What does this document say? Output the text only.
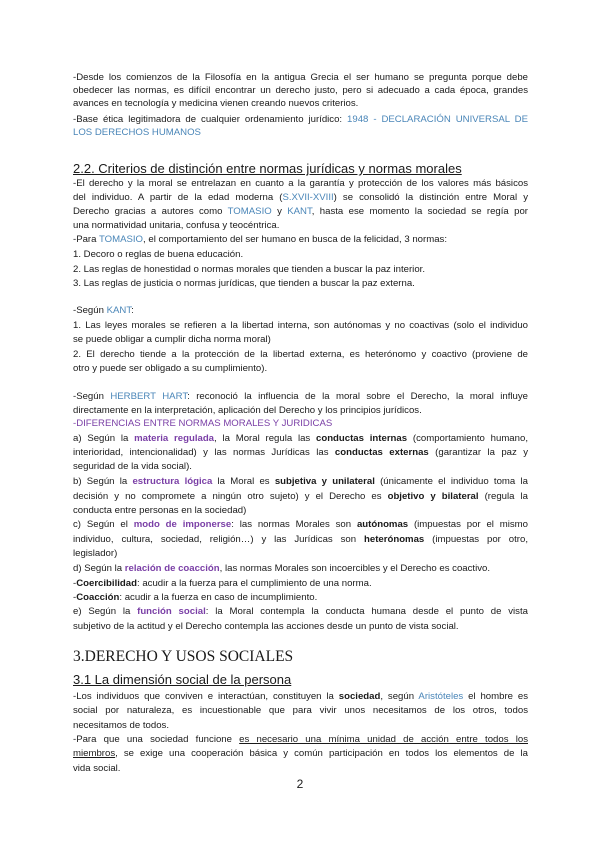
-Desde los comienzos de la Filosofía en la antigua Grecia el ser humano se pregunta porque debe
obedecer las normas, es difícil encontrar un derecho justo, pero si adecuado a cada época, grandes
avances en tecnología y medicina vienen creando nuevos criterios.
-Base ética legitimadora de cualquier ordenamiento jurídico: 1948 - DECLARACIÓN UNIVERSAL DE
LOS DERECHOS HUMANOS
2.2. Criterios de distinción entre normas jurídicas y normas morales
-El derecho y la moral se entrelazan en cuanto a la garantía y protección de los valores más básicos
del individuo. A partir de la edad moderna (S.XVII-XVIII) se consolidó la distinción entre Moral y
Derecho gracias a autores como TOMASIO y KANT, hasta ese momento la sociedad se regía por
una normatividad unitaria, confusa y teocéntrica.
-Para TOMASIO, el comportamiento del ser humano en busca de la felicidad, 3 normas:
1. Decoro o reglas de buena educación.
2. Las reglas de honestidad o normas morales que tienden a buscar la paz interior.
3. Las reglas de justicia o normas jurídicas, que tienden a buscar la paz externa.
-Según KANT:
1. Las leyes morales se refieren a la libertad interna, son autónomas y no coactivas (solo el individuo
se puede obligar a cumplir dicha norma moral)
2. El derecho tiende a la protección de la libertad externa, es heterónomo y coactivo (proviene de
otro y puede ser obligado a su cumplimiento).
-Según HERBERT HART: reconoció la influencia de la moral sobre el Derecho, la moral influye
directamente en la interpretación, aplicación del Derecho y los principios jurídicos.
-DIFERENCIAS ENTRE NORMAS MORALES Y JURIDICAS
a) Según la materia regulada, la Moral regula las conductas internas (comportamiento humano,
interioridad, intencionalidad) y las normas Jurídicas las conductas externas (garantizar la paz y
seguridad de la vida social).
b) Según la estructura lógica la Moral es subjetiva y unilateral (únicamente el individuo toma la
decisión y no compromete a ningún otro sujeto) y el Derecho es objetivo y bilateral (regula la
conducta entre personas en la sociedad)
c) Según el modo de imponerse: las normas Morales son autónomas (impuestas por el mismo
individuo, cultura, sociedad, religión…) y las Jurídicas son heterónomas (impuestas por otro,
legislador)
d) Según la relación de coacción, las normas Morales son incoercibles y el Derecho es coactivo.
-Coercibilidad: acudir a la fuerza para el cumplimiento de una norma.
-Coacción: acudir a la fuerza en caso de incumplimiento.
e) Según la función social: la Moral contempla la conducta humana desde el punto de vista
subjetivo de la actitud y el Derecho contempla las acciones desde un punto de vista social.
3.DERECHO Y USOS SOCIALES
3.1 La dimensión social de la persona
-Los individuos que conviven e interactúan, constituyen la sociedad, según Aristóteles el hombre es
social por naturaleza, es incuestionable que para vivir unos necesitamos de los otros, todos
necesitamos de todos.
-Para que una sociedad funcione es necesario una mínima unidad de acción entre todos los
miembros, se exige una cooperación básica y común participación en todos los elementos de la
vida social.
2
